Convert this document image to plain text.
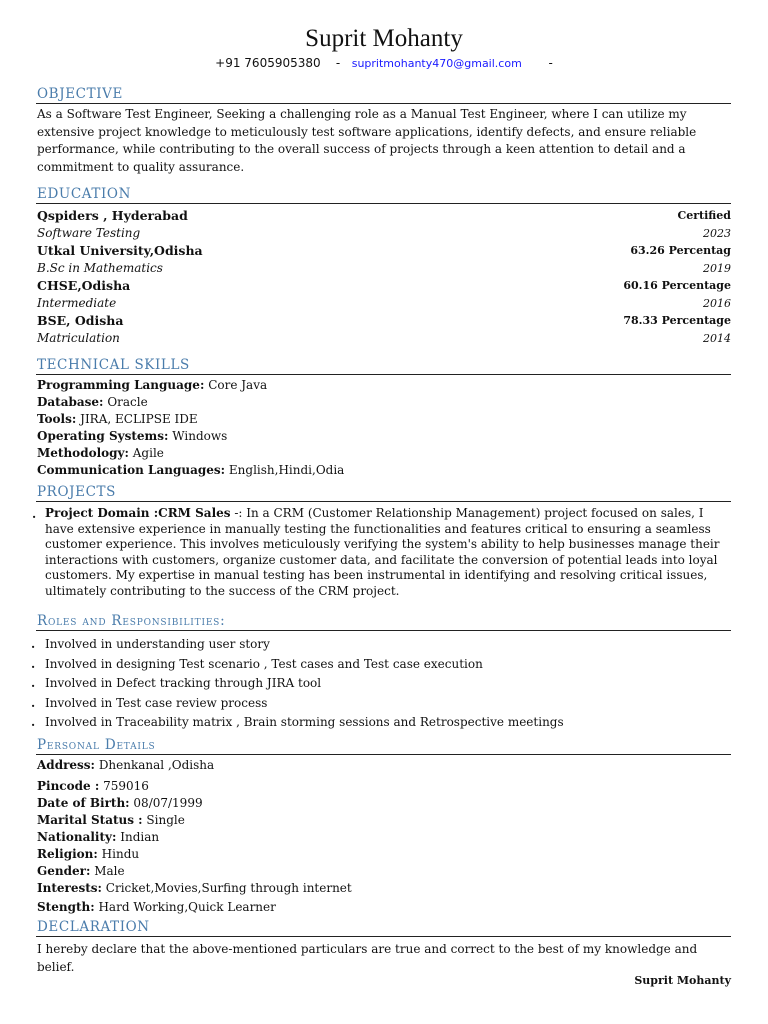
Suprit Mohanty
+91 7605905380 - supritmohanty470@gmail.com -
OBJECTIVE
As a Software Test Engineer, Seeking a challenging role as a Manual Test Engineer, where I can utilize my extensive project knowledge to meticulously test software applications, identify defects, and ensure reliable performance, while contributing to the overall success of projects through a keen attention to detail and a commitment to quality assurance.
EDUCATION
Qspiders , Hyderabad	Certified
Software Testing	2023
Utkal University,Odisha	63.26 Percentag
B.Sc in Mathematics	2019
CHSE,Odisha	60.16 Percentage
Intermediate	2016
BSE, Odisha	78.33 Percentage
Matriculation	2014
TECHNICAL SKILLS
Programming Language: Core Java
Database: Oracle
Tools: JIRA, ECLIPSE IDE
Operating Systems: Windows
Methodology: Agile
Communication Languages: English,Hindi,Odia
PROJECTS
. Project Domain :CRM Sales -: In a CRM (Customer Relationship Management) project focused on sales, I have extensive experience in manually testing the functionalities and features critical to ensuring a seamless customer experience. This involves meticulously verifying the system's ability to help businesses manage their interactions with customers, organize customer data, and facilitate the conversion of potential leads into loyal customers. My expertise in manual testing has been instrumental in identifying and resolving critical issues, ultimately contributing to the success of the CRM project.
Roles and Responsibilities:
. Involved in understanding user story
. Involved in designing Test scenario , Test cases and Test case execution
. Involved in Defect tracking through JIRA tool
. Involved in Test case review process
. Involved in Traceability matrix , Brain storming sessions and Retrospective meetings
Personal Details
Address: Dhenkanal ,Odisha
Pincode : 759016
Date of Birth: 08/07/1999
Marital Status : Single
Nationality: Indian
Religion: Hindu
Gender: Male
Interests: Cricket,Movies,Surfing through internet
Stength: Hard Working,Quick Learner
DECLARATION
I hereby declare that the above-mentioned particulars are true and correct to the best of my knowledge and belief.
Suprit Mohanty
